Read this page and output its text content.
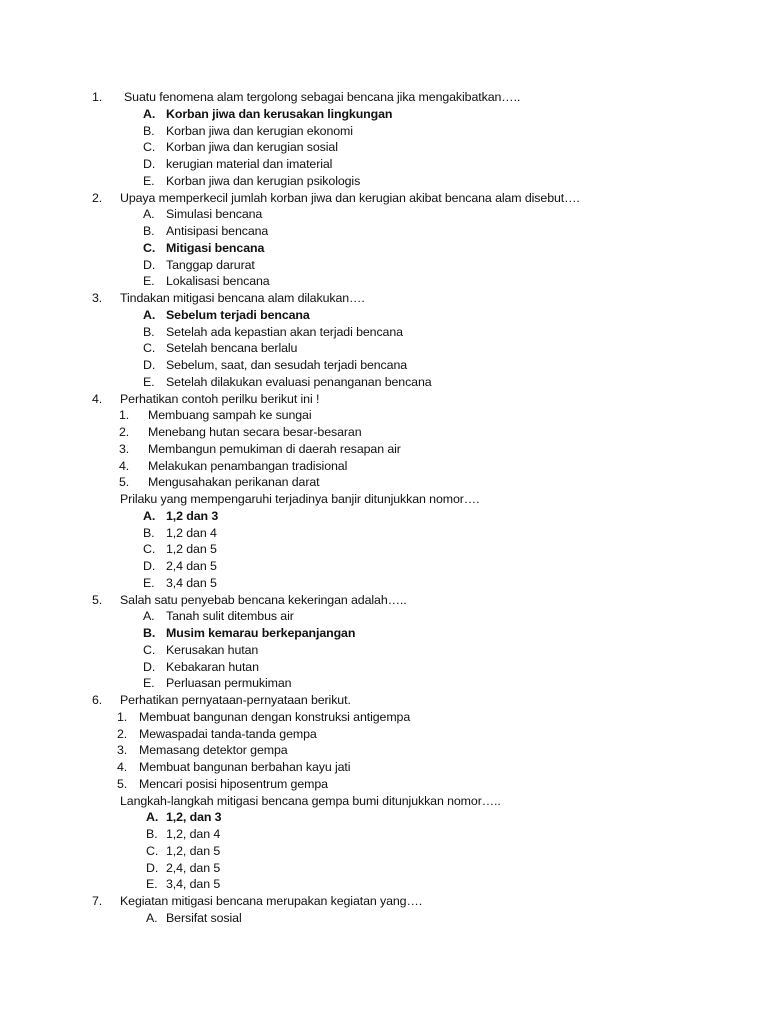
1. Suatu fenomena alam tergolong sebagai bencana jika mengakibatkan…..
A. Korban jiwa dan kerusakan lingkungan
B. Korban jiwa dan kerugian ekonomi
C. Korban jiwa dan kerugian sosial
D. kerugian material dan imaterial
E. Korban jiwa dan kerugian psikologis
2. Upaya memperkecil jumlah korban jiwa dan kerugian akibat bencana alam disebut….
A. Simulasi bencana
B. Antisipasi bencana
C. Mitigasi bencana
D. Tanggap darurat
E. Lokalisasi bencana
3. Tindakan mitigasi bencana alam dilakukan….
A. Sebelum terjadi bencana
B. Setelah ada kepastian akan terjadi bencana
C. Setelah bencana berlalu
D. Sebelum, saat, dan sesudah terjadi bencana
E. Setelah dilakukan evaluasi penanganan bencana
4. Perhatikan contoh perilku berikut ini !
1. Membuang sampah ke sungai
2. Menebang hutan secara besar-besaran
3. Membangun pemukiman di daerah resapan air
4. Melakukan penambangan tradisional
5. Mengusahakan perikanan darat
Prilaku yang mempengaruhi terjadinya banjir ditunjukkan nomor….
A. 1,2 dan 3
B. 1,2 dan 4
C. 1,2 dan 5
D. 2,4 dan 5
E. 3,4 dan 5
5. Salah satu penyebab bencana kekeringan adalah…..
A. Tanah sulit ditembus air
B. Musim kemarau berkepanjangan
C. Kerusakan hutan
D. Kebakaran hutan
E. Perluasan permukiman
6. Perhatikan pernyataan-pernyataan berikut.
1. Membuat bangunan dengan konstruksi antigempa
2. Mewaspadai tanda-tanda gempa
3. Memasang detektor gempa
4. Membuat bangunan berbahan kayu jati
5. Mencari posisi hiposentrum gempa
Langkah-langkah mitigasi bencana gempa bumi ditunjukkan nomor…..
A. 1,2, dan 3
B. 1,2, dan 4
C. 1,2, dan 5
D. 2,4, dan 5
E. 3,4, dan 5
7. Kegiatan mitigasi bencana merupakan kegiatan yang….
A. Bersifat sosial
